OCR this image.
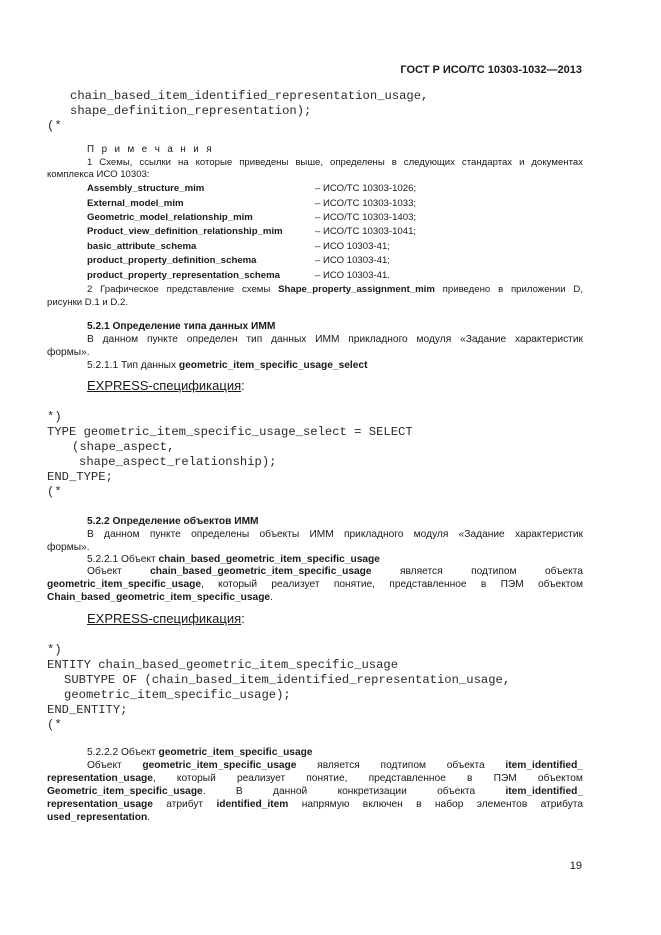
ГОСТ Р ИСО/ТС 10303-1032—2013
chain_based_item_identified_representation_usage,
shape_definition_representation);
(*
П р и м е ч а н и я
1 Схемы, ссылки на которые приведены выше, определены в следующих стандартах и документах
комплекса ИСО 10303:
Assembly_structure_mim	– ИСО/ТС 10303-1026;
External_model_mim	– ИСО/ТС 10303-1033;
Geometric_model_relationship_mim	– ИСО/ТС 10303-1403;
Product_view_definition_relationship_mim	– ИСО/ТС 10303-1041;
basic_attribute_schema	– ИСО 10303-41;
product_property_definition_schema	– ИСО 10303-41;
product_property_representation_schema	– ИСО 10303-41.
2 Графическое представление схемы Shape_property_assignment_mim приведено в приложении D,
рисунки D.1 и D.2.
5.2.1 Определение типа данных ИММ
В данном пункте определен тип данных ИММ прикладного модуля «Задание характеристик
формы».
5.2.1.1 Тип данных geometric_item_specific_usage_select
EXPRESS-спецификация:
*)
TYPE geometric_item_specific_usage_select = SELECT
(shape_aspect,
shape_aspect_relationship);
END_TYPE;
(*
5.2.2 Определение объектов ИММ
В данном пункте определены объекты ИММ прикладного модуля «Задание характеристик
формы».
5.2.2.1 Объект chain_based_geometric_item_specific_usage
Объект	chain_based_geometric_item_specific_usage	является	подтипом	объекта
geometric_item_specific_usage, который реализует понятие, представленное в ПЭМ объектом
Chain_based_geometric_item_specific_usage.
EXPRESS-спецификация:
*)
ENTITY chain_based_geometric_item_specific_usage
SUBTYPE OF (chain_based_item_identified_representation_usage,
geometric_item_specific_usage);
END_ENTITY;
(*
5.2.2.2 Объект geometric_item_specific_usage
Объект geometric_item_specific_usage является подтипом объекта item_identified_
representation_usage, который реализует понятие, представленное в ПЭМ объектом
Geometric_item_specific_usage.	В	данной	конкретизации	объекта	item_identified_
representation_usage атрибут identified_item напрямую включен в набор элементов атрибута
used_representation.
19
